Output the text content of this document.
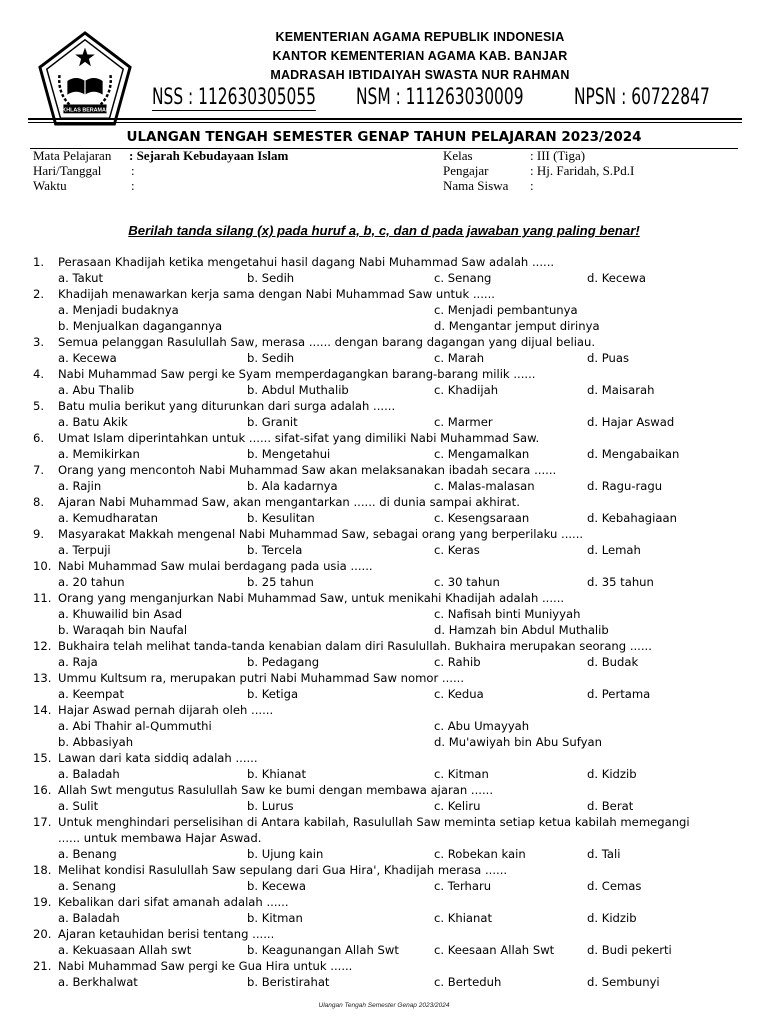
IKHLAS BERAMAL
KEMENTERIAN AGAMA REPUBLIK INDONESIA
KANTOR KEMENTERIAN AGAMA KAB. BANJAR
MADRASAH IBTIDAIYAH SWASTA NUR RAHMAN
NSS : 112630305055 NSM : 111263030009 NPSN : 60722847
ULANGAN TENGAH SEMESTER GENAP TAHUN PELAJARAN 2023/2024
Mata Pelajaran : Sejarah Kebudayaan Islam
Hari/Tanggal :
Waktu	:
Kelas	: III (Tiga)
Pengajar	: Hj. Faridah, S.Pd.I
Nama Siswa :
Berilah tanda silang (x) pada huruf a, b, c, dan d pada jawaban yang paling benar!
1. Perasaan Khadijah ketika mengetahui hasil dagang Nabi Muhammad Saw adalah ......
a. Takut	b. Sedih	c. Senang	d. Kecewa
2. Khadijah menawarkan kerja sama dengan Nabi Muhammad Saw untuk ......
a. Menjadi budaknya	c. Menjadi pembantunya
b. Menjualkan dagangannya	d. Mengantar jemput dirinya
3. Semua pelanggan Rasulullah Saw, merasa ...... dengan barang dagangan yang dijual beliau.
a. Kecewa	b. Sedih	c. Marah	d. Puas
4. Nabi Muhammad Saw pergi ke Syam memperdagangkan barang-barang milik ......
a. Abu Thalib	b. Abdul Muthalib	c. Khadijah	d. Maisarah
5. Batu mulia berikut yang diturunkan dari surga adalah ......
a. Batu Akik	b. Granit	c. Marmer	d. Hajar Aswad
6. Umat Islam diperintahkan untuk ...... sifat-sifat yang dimiliki Nabi Muhammad Saw.
a. Memikirkan	b. Mengetahui	c. Mengamalkan	d. Mengabaikan
7. Orang yang mencontoh Nabi Muhammad Saw akan melaksanakan ibadah secara ......
a. Rajin	b. Ala kadarnya	c. Malas-malasan	d. Ragu-ragu
8. Ajaran Nabi Muhammad Saw, akan mengantarkan ...... di dunia sampai akhirat.
a. Kemudharatan	b. Kesulitan	c. Kesengsaraan	d. Kebahagiaan
9. Masyarakat Makkah mengenal Nabi Muhammad Saw, sebagai orang yang berperilaku ......
a. Terpuji	b. Tercela	c. Keras	d. Lemah
10. Nabi Muhammad Saw mulai berdagang pada usia ......
a. 20 tahun	b. 25 tahun	c. 30 tahun	d. 35 tahun
11. Orang yang menganjurkan Nabi Muhammad Saw, untuk menikahi Khadijah adalah ......
a. Khuwailid bin Asad	c. Nafisah binti Muniyyah
b. Waraqah bin Naufal	d. Hamzah bin Abdul Muthalib
12. Bukhaira telah melihat tanda-tanda kenabian dalam diri Rasulullah. Bukhaira merupakan seorang ......
a. Raja	b. Pedagang	c. Rahib	d. Budak
13. Ummu Kultsum ra, merupakan putri Nabi Muhammad Saw nomor ......
a. Keempat	b. Ketiga	c. Kedua	d. Pertama
14. Hajar Aswad pernah dijarah oleh ......
a. Abi Thahir al-Qummuthi	c. Abu Umayyah
b. Abbasiyah	d. Mu'awiyah bin Abu Sufyan
15. Lawan dari kata siddiq adalah ......
a. Baladah	b. Khianat	c. Kitman	d. Kidzib
16. Allah Swt mengutus Rasulullah Saw ke bumi dengan membawa ajaran ......
a. Sulit	b. Lurus	c. Keliru	d. Berat
17. Untuk menghindari perselisihan di Antara kabilah, Rasulullah Saw meminta setiap ketua kabilah memegangi
...... untuk membawa Hajar Aswad.
a. Benang	b. Ujung kain	c. Robekan kain	d. Tali
18. Melihat kondisi Rasulullah Saw sepulang dari Gua Hira', Khadijah merasa ......
a. Senang	b. Kecewa	c. Terharu	d. Cemas
19. Kebalikan dari sifat amanah adalah ......
a. Baladah	b. Kitman	c. Khianat	d. Kidzib
20. Ajaran ketauhidan berisi tentang ......
a. Kekuasaan Allah swt	b. Keagunangan Allah Swt	c. Keesaan Allah Swt	d. Budi pekerti
21. Nabi Muhammad Saw pergi ke Gua Hira untuk ......
a. Berkhalwat	b. Beristirahat	c. Berteduh	d. Sembunyi
Ulangan Tengah Semester Genap 2023/2024
